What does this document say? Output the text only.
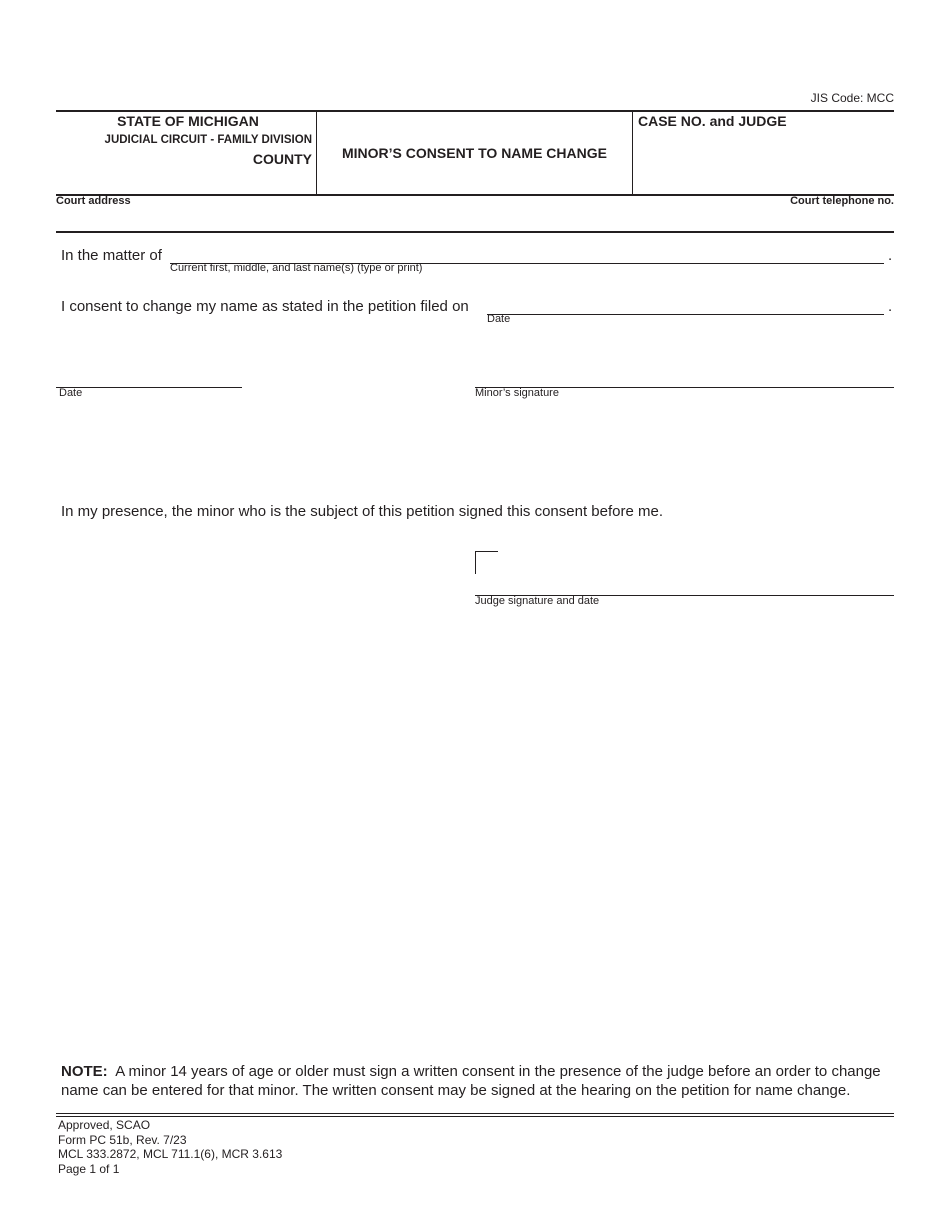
JIS Code: MCC
STATE OF MICHIGAN
JUDICIAL CIRCUIT - FAMILY DIVISION
COUNTY	MINOR’S CONSENT TO NAME CHANGE
CASE NO. and JUDGE
Court address	Court telephone no.
In the matter of	.
Current first, middle, and last name(s) (type or print)
I consent to change my name as stated in the petition filed on	.
Date
Date	Minor’s signature
In my presence, the minor who is the subject of this petition signed this consent before me.
Judge signature and date
NOTE: A minor 14 years of age or older must sign a written consent in the presence of the judge before an order to change name can be entered for that minor. The written consent may be signed at the hearing on the petition for name change.
Approved, SCAO
Form PC 51b, Rev. 7/23
MCL 333.2872, MCL 711.1(6), MCR 3.613
Page 1 of 1
